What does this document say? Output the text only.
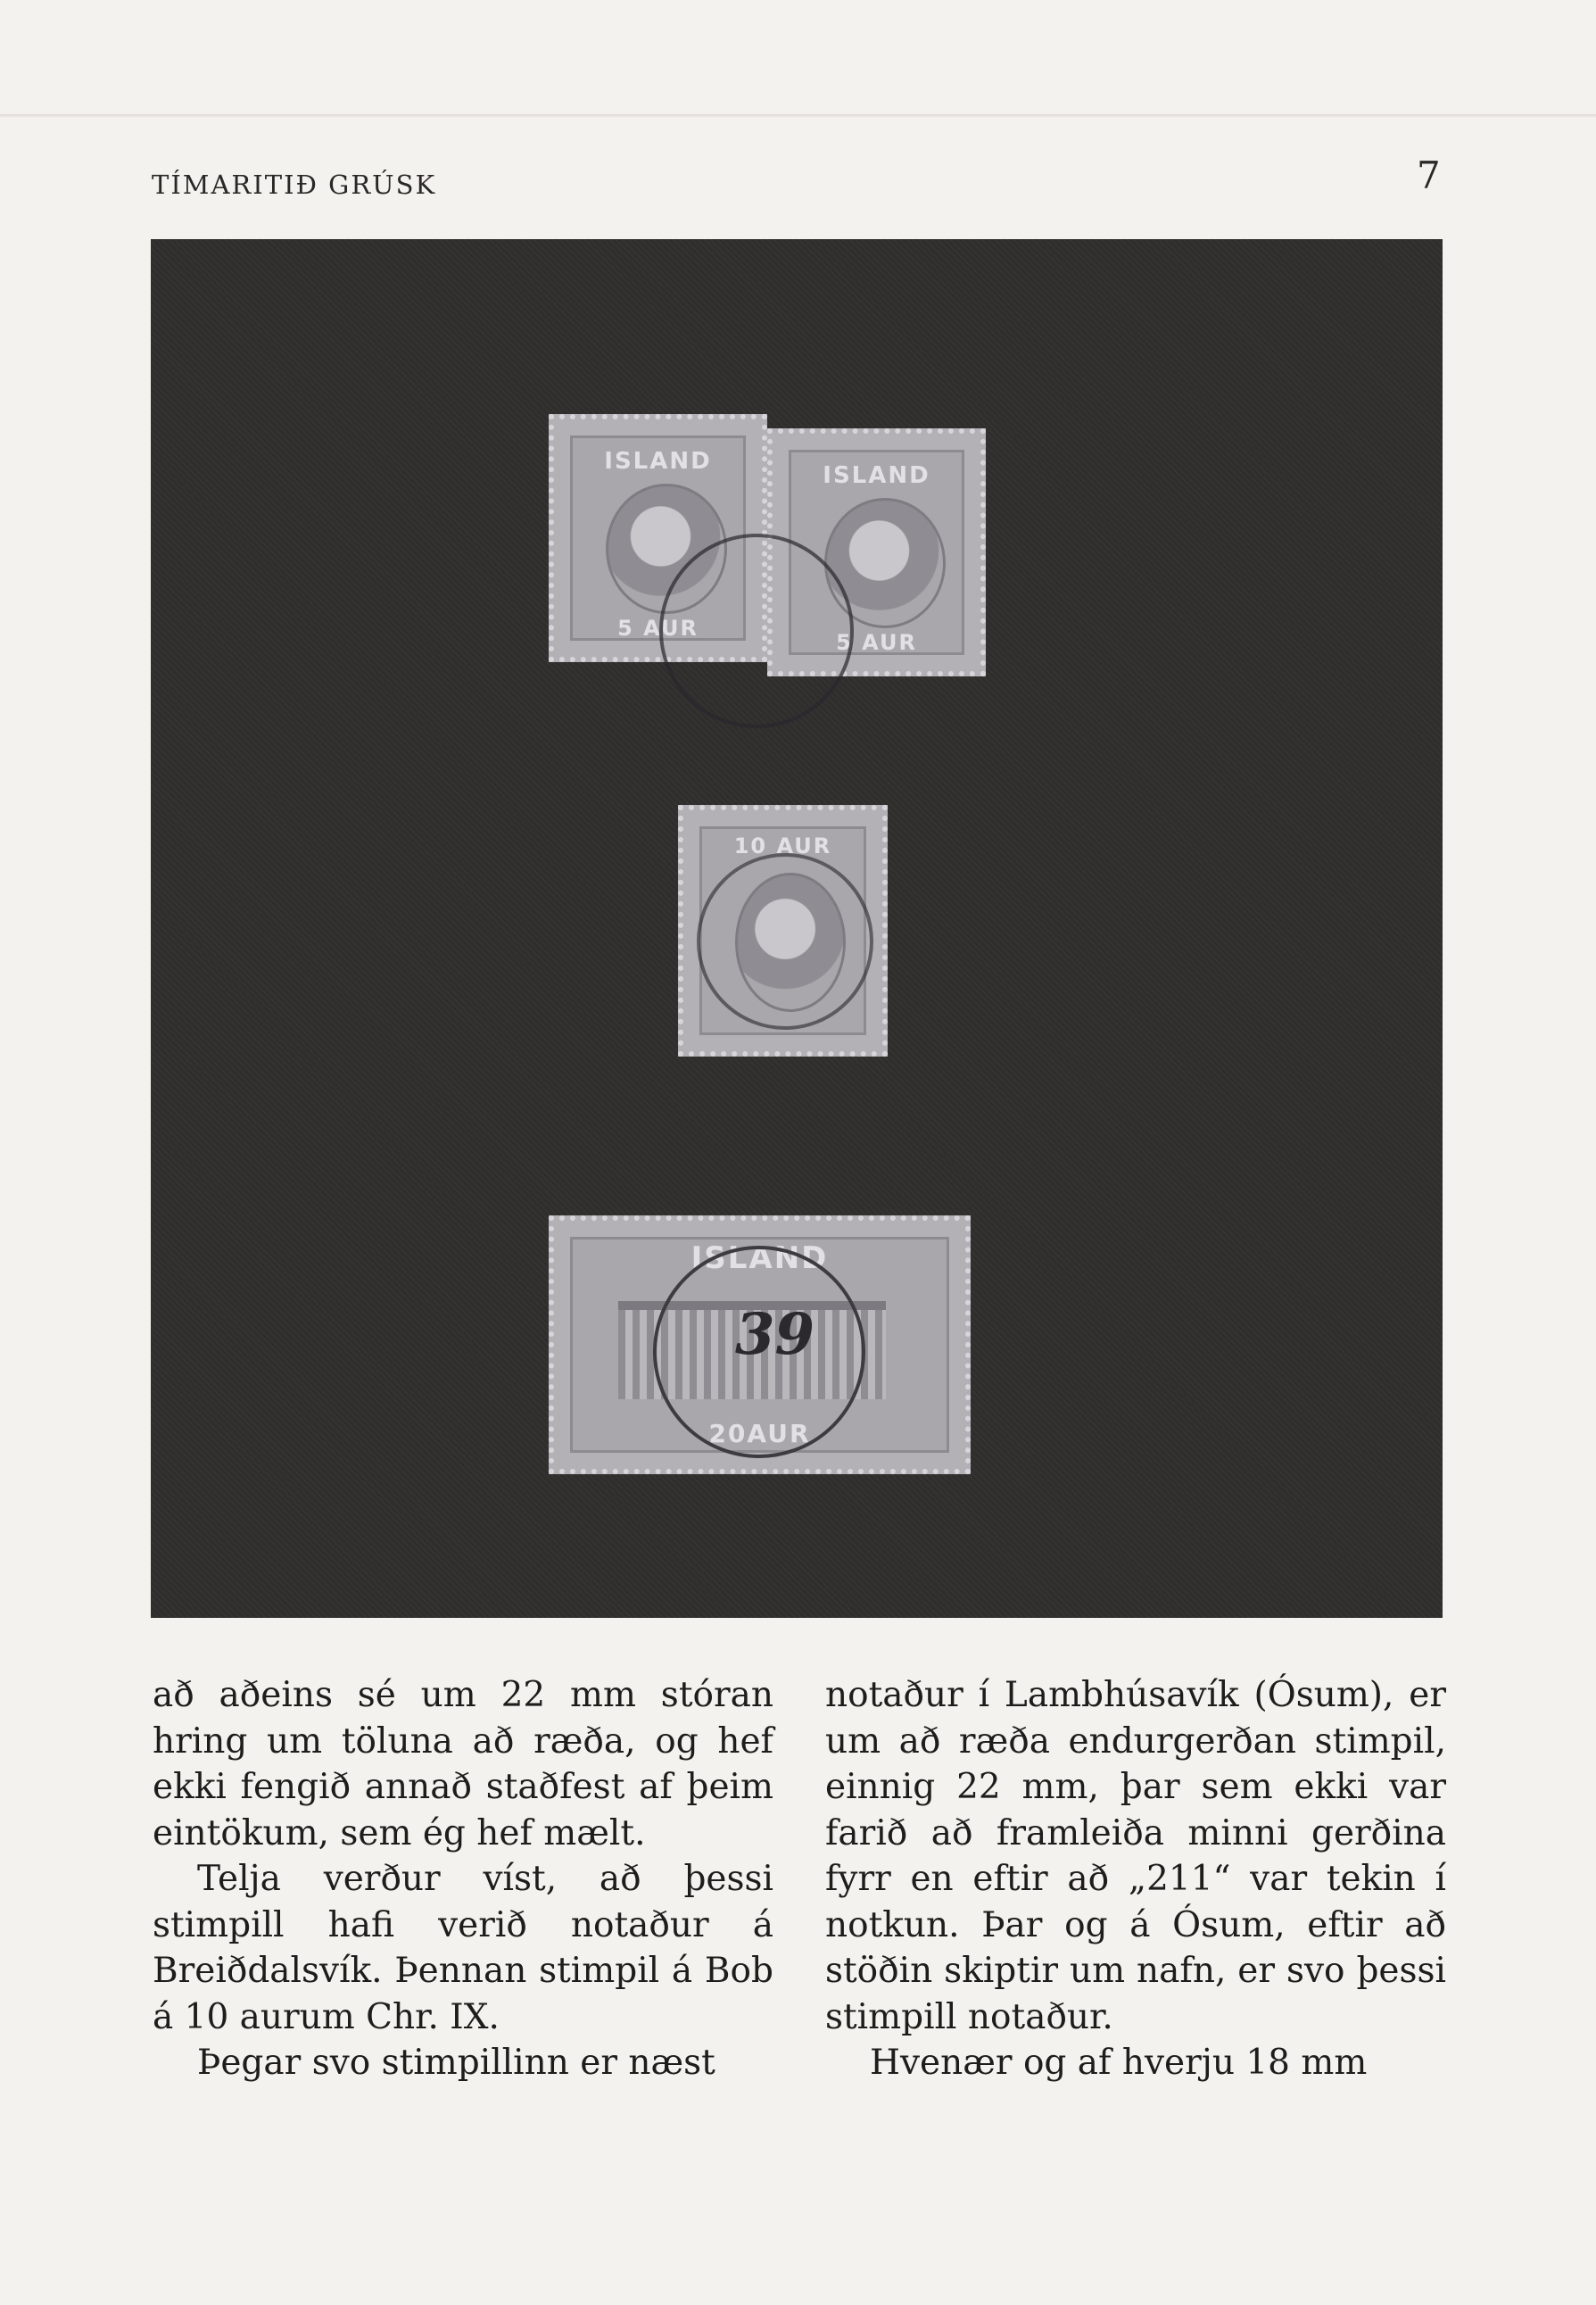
TÍMARITIÐ GRÚSK	7
ISLAND
5 AUR
ISLAND
5 AUR
10 AUR
ISLAND
20AUR
39

að aðeins sé um 22 mm stóran hring um töluna að ræða, og hef ekki fengið annað staðfest af þeim eintökum, sem ég hef mælt.

Telja verður víst, að þessi stimpill hafi verið notaður á Breiðdalsvík. Þennan stimpil á Bob á 10 aurum Chr. IX.

Þegar svo stimpillinn er næst

notaður í Lambhúsavík (Ósum), er um að ræða endurgerðan stimpil, einnig 22 mm, þar sem ekki var farið að framleiða minni gerðina fyrr en eftir að „211“ var tekin í notkun. Þar og á Ósum, eftir að stöðin skiptir um nafn, er svo þessi stimpill notaður.

Hvenær og af hverju 18 mm
